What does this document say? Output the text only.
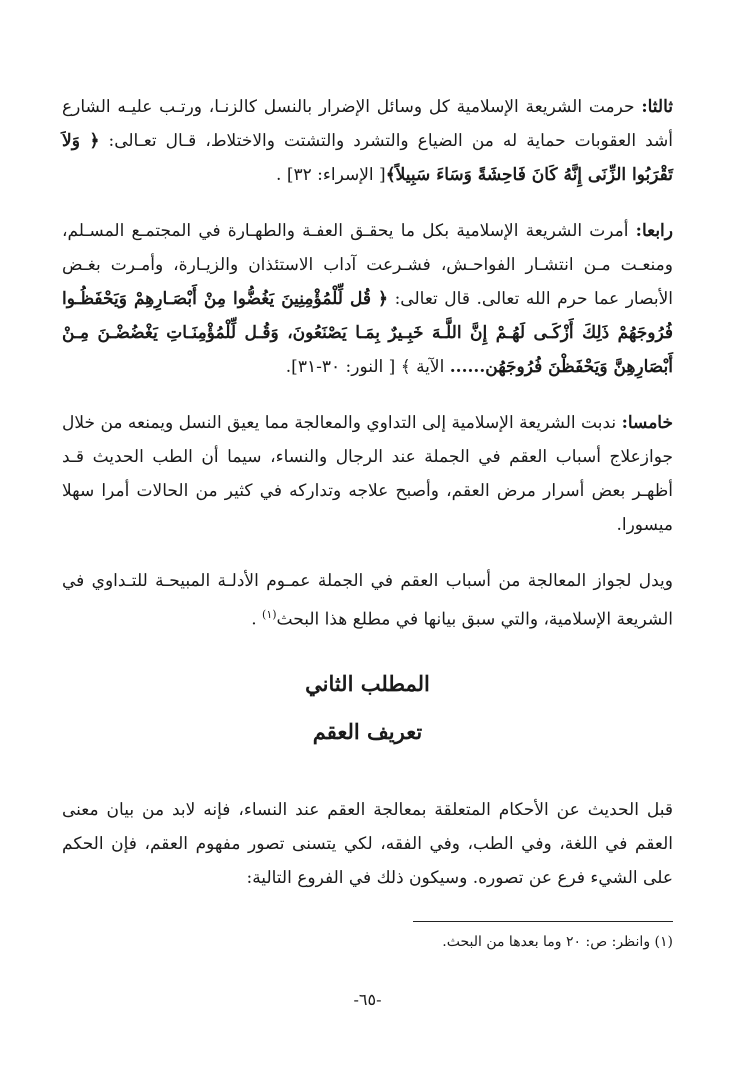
ثالثا: حرمت الشريعة الإسلامية كل وسائل الإضرار بالنسل كالزنـا، ورتـب عليـه الشارع أشد العقوبات حماية له من الضياع والتشرد والتشتت والاختلاط، قـال تعـالى: ﴿ وَلاَ تَقْرَبُوا الزِّنَى إِنَّهُ كَانَ فَاحِشَةً وَسَاءَ سَبِيلاً﴾[ الإسراء: ٣٢] .

رابعا: أمرت الشريعة الإسلامية بكل ما يحقـق العفـة والطهـارة في المجتمـع المسـلم، ومنعـت مـن انتشـار الفواحـش، فشـرعت آداب الاستئذان والزيـارة، وأمـرت بغـض الأبصار عما حرم الله تعالى. قال تعالى: ﴿ قُل لِّلْمُؤْمِنِينَ يَغُضُّوا مِنْ أَبْصَـارِهِمْ وَيَحْفَظُـوا فُرُوجَهُمْ ذَلِكَ أَزْكَـى لَهُـمْ إِنَّ اللَّـهَ خَبِـيرٌ بِمَـا يَصْنَعُونَ، وَقُـل لِّلْمُؤْمِنَـاتِ يَغْضُضْـنَ مِـنْ أَبْصَارِهِنَّ وَيَحْفَظْنَ فُرُوجَهُن...... الآية ﴾ [ النور: ٣٠-٣١].

خامسا: ندبت الشريعة الإسلامية إلى التداوي والمعالجة مما يعيق النسل ويمنعه من خلال جوازعلاج أسباب العقم في الجملة عند الرجال والنساء، سيما أن الطب الحديث قـد أظهـر بعض أسرار مرض العقم، وأصبح علاجه وتداركه في كثير من الحالات أمرا سهلا ميسورا.

ويدل لجواز المعالجة من أسباب العقم في الجملة عمـوم الأدلـة المبيحـة للتـداوي في الشريعة الإسلامية، والتي سبق بيانها في مطلع هذا البحث$^{(١)}$ .

المطلب الثاني
تعريف العقم

قبل الحديث عن الأحكام المتعلقة بمعالجة العقم عند النساء، فإنه لابد من بيان معنى العقم في اللغة، وفي الطب، وفي الفقه، لكي يتسنى تصور مفهوم العقم، فإن الحكم على الشيء فرع عن تصوره. وسيكون ذلك في الفروع التالية:

(١) وانظر: ص: ٢٠ وما بعدها من البحث.
-٦٥-
